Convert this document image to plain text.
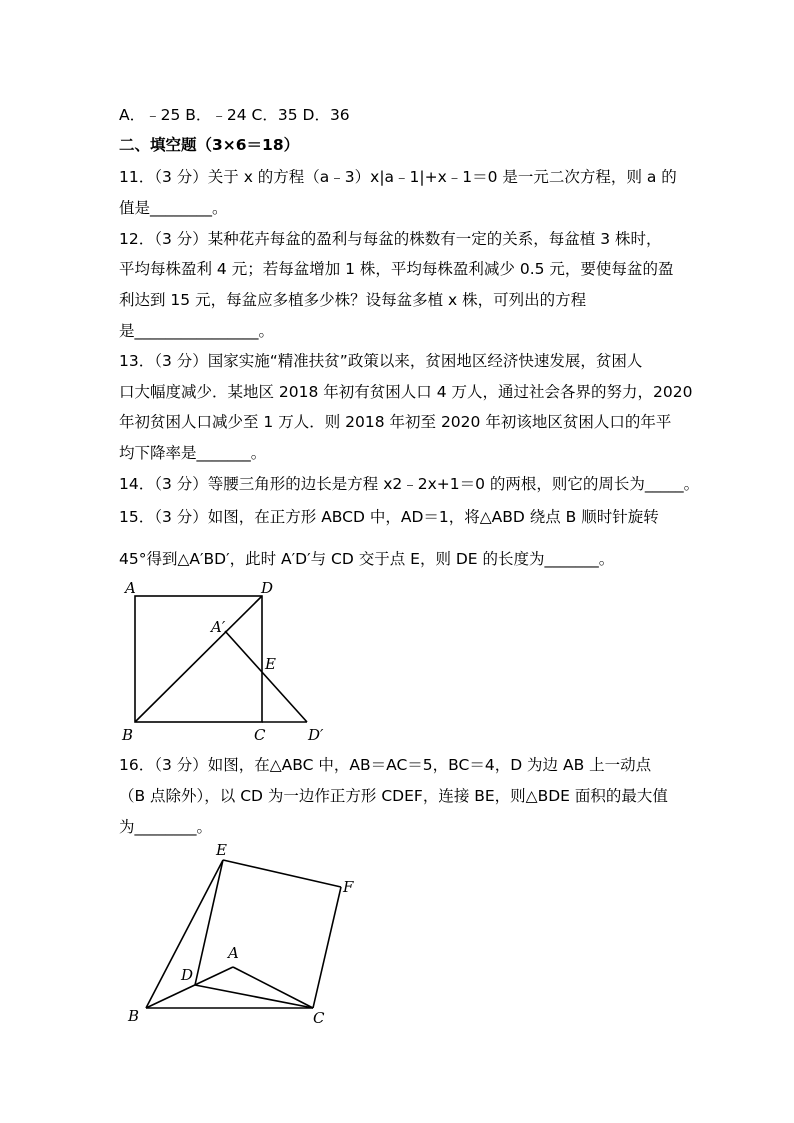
A．﹣25 B．﹣24 C．35 D．36
二、填空题（3×6＝18）
11．（3 分）关于 x 的方程（a﹣3）x|a﹣1|+x﹣1＝0 是一元二次方程，则 a 的
值是________。
12．（3 分）某种花卉每盆的盈利与每盆的株数有一定的关系，每盆植 3 株时，
平均每株盈利 4 元；若每盆增加 1 株，平均每株盈利减少 0.5 元，要使每盆的盈
利达到 15 元，每盆应多植多少株？设每盆多植 x 株，可列出的方程
是________________。
13．（3 分）国家实施“精准扶贫”政策以来，贫困地区经济快速发展，贫困人
口大幅度减少．某地区 2018 年初有贫困人口 4 万人，通过社会各界的努力，2020
年初贫困人口减少至 1 万人．则 2018 年初至 2020 年初该地区贫困人口的年平
均下降率是_______。
14．（3 分）等腰三角形的边长是方程 x2﹣2x+1＝0 的两根，则它的周长为_____。
15．（3 分）如图，在正方形 ABCD 中，AD＝1，将△ABD 绕点 B 顺时针旋转
45°得到△A′BD′，此时 A′D′与 CD 交于点 E，则 DE 的长度为_______。
A	D
A′
E
B	C	D′
16．（3 分）如图，在△ABC 中，AB＝AC＝5，BC＝4，D 为边 AB 上一动点
（B 点除外），以 CD 为一边作正方形 CDEF，连接 BE，则△BDE 面积的最大值
为________。
E
F
A
D
B	C
